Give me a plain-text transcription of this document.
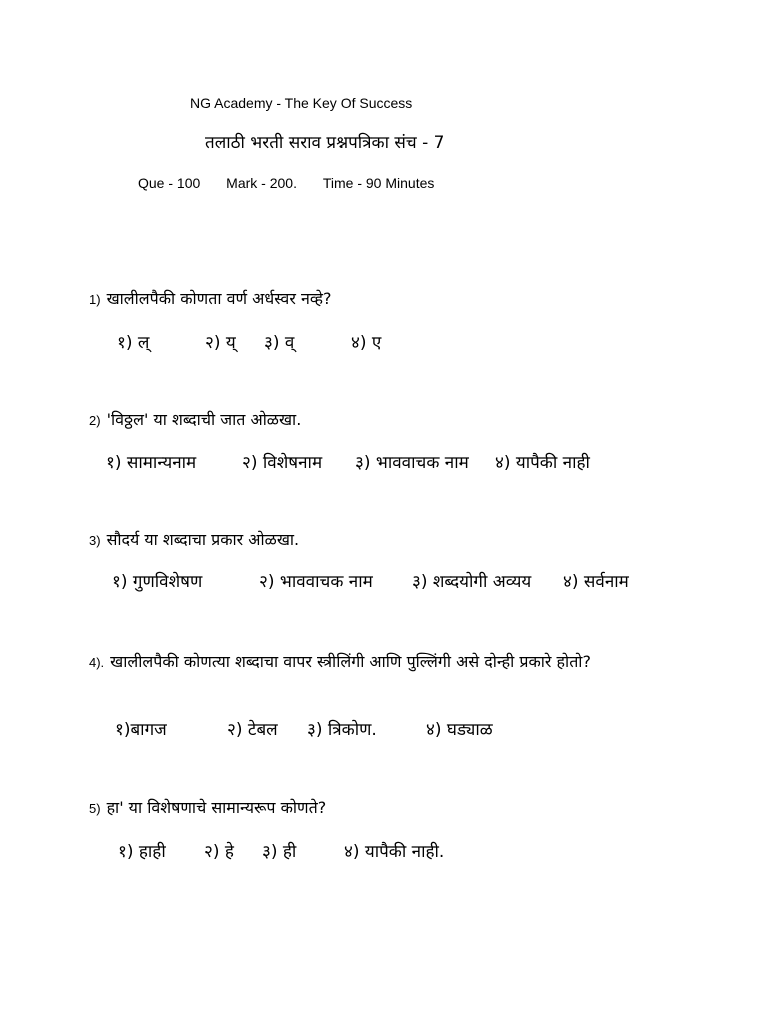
NG Academy - The Key Of Success
तलाठी भरती सराव प्रश्नपत्रिका संच - 7
Que - 100 Mark - 200. Time - 90 Minutes
1) खालीलपैकी कोणता वर्ण अर्धस्वर नव्हे?
१) ल्	२) य् ३) व्	४) ए
2) 'विठ्ठल' या शब्दाची जात ओळखा.
१) सामान्यनाम	२) विशेषनाम ३) भाववाचक नाम ४) यापैकी नाही
3) सौदर्य या शब्दाचा प्रकार ओळखा.
१) गुणविशेषण	२) भाववाचक नाम ३) शब्दयोगी अव्यय ४) सर्वनाम
4). खालीलपैकी कोणत्या शब्दाचा वापर स्त्रीलिंगी आणि पुल्लिंगी असे दोन्ही प्रकारे होतो?
१)बागज	२) टेबल ३) त्रिकोण.	४) घड्याळ
5) हा' या विशेषणाचे सामान्यरूप कोणते?
१) हाही २) हे ३) ही	४) यापैकी नाही.
